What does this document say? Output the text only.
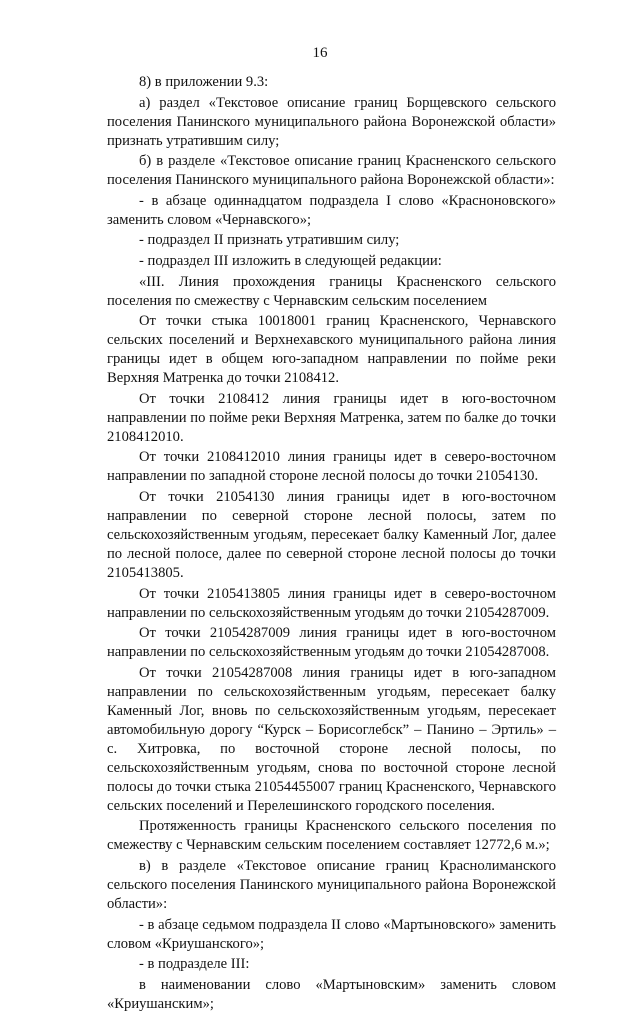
16

8) в приложении 9.3:

а) раздел «Текстовое описание границ Борщевского сельского поселения Панинского муниципального района Воронежской области» признать утратившим силу;

б) в разделе «Текстовое описание границ Красненского сельского поселения Панинского муниципального района Воронежской области»:

- в абзаце одиннадцатом подраздела I слово «Красноновского» заменить словом «Чернавского»;

- подраздел II признать утратившим силу;

- подраздел III изложить в следующей редакции:

«III. Линия прохождения границы Красненского сельского поселения по смежеству с Чернавским сельским поселением

От точки стыка 10018001 границ Красненского, Чернавского сельских поселений и Верхнехавского муниципального района линия границы идет в общем юго-западном направлении по пойме реки Верхняя Матренка до точки 2108412.

От точки 2108412 линия границы идет в юго-восточном направлении по пойме реки Верхняя Матренка, затем по балке до точки 2108412010.

От точки 2108412010 линия границы идет в северо-восточном направлении по западной стороне лесной полосы до точки 21054130.

От точки 21054130 линия границы идет в юго-восточном направлении по северной стороне лесной полосы, затем по сельскохозяйственным угодьям, пересекает балку Каменный Лог, далее по лесной полосе, далее по северной стороне лесной полосы до точки 2105413805.

От точки 2105413805 линия границы идет в северо-восточном направлении по сельскохозяйственным угодьям до точки 21054287009.

От точки 21054287009 линия границы идет в юго-восточном направлении по сельскохозяйственным угодьям до точки 21054287008.

От точки 21054287008 линия границы идет в юго-западном направлении по сельскохозяйственным угодьям, пересекает балку Каменный Лог, вновь по сельскохозяйственным угодьям, пересекает автомобильную дорогу “Курск – Борисоглебск” – Панино – Эртиль» – с. Хитровка, по восточной стороне лесной полосы, по сельскохозяйственным угодьям, снова по восточной стороне лесной полосы до точки стыка 21054455007 границ Красненского, Чернавского сельских поселений и Перелешинского городского поселения.

Протяженность границы Красненского сельского поселения по смежеству с Чернавским сельским поселением составляет 12772,6 м.»;

в) в разделе «Текстовое описание границ Краснолиманского сельского поселения Панинского муниципального района Воронежской области»:

- в абзаце седьмом подраздела II слово «Мартыновского» заменить словом «Криушанского»;

- в подразделе III:

в наименовании слово «Мартыновским» заменить словом «Криушанским»;
